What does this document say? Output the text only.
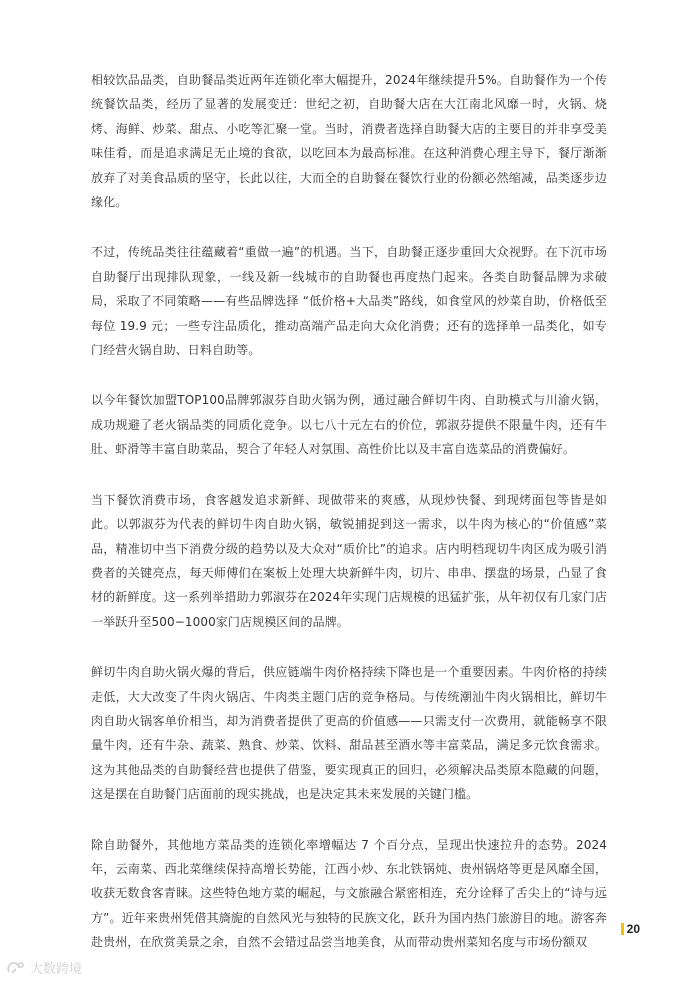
相较饮品品类，自助餐品类近两年连锁化率大幅提升，2024年继续提升5%。自助餐作为一个传统餐饮品类，经历了显著的发展变迁：世纪之初，自助餐大店在大江南北风靡一时，火锅、烧烤、海鲜、炒菜、甜点、小吃等汇聚一堂。当时，消费者选择自助餐大店的主要目的并非享受美味佳肴，而是追求满足无止境的食欲，以吃回本为最高标准。在这种消费心理主导下，餐厅渐渐放弃了对美食品质的坚守，长此以往，大而全的自助餐在餐饮行业的份额必然缩减，品类逐步边缘化。

不过，传统品类往往蕴藏着“重做一遍”的机遇。当下，自助餐正逐步重回大众视野。在下沉市场自助餐厅出现排队现象，一线及新一线城市的自助餐也再度热门起来。各类自助餐品牌为求破局，采取了不同策略——有些品牌选择 “低价格+大品类”路线，如食堂风的炒菜自助，价格低至每位 19.9 元；一些专注品质化，推动高端产品走向大众化消费；还有的选择单一品类化，如专门经营火锅自助、日料自助等。

以今年餐饮加盟TOP100品牌郭淑芬自助火锅为例，通过融合鲜切牛肉、自助模式与川渝火锅，成功规避了老火锅品类的同质化竞争。以七八十元左右的价位，郭淑芬提供不限量牛肉，还有牛肚、虾滑等丰富自助菜品，契合了年轻人对氛围、高性价比以及丰富自选菜品的消费偏好。

当下餐饮消费市场，食客越发追求新鲜、现做带来的爽感，从现炒快餐、到现烤面包等皆是如此。以郭淑芬为代表的鲜切牛肉自助火锅，敏锐捕捉到这一需求，以牛肉为核心的“价值感”菜品，精准切中当下消费分级的趋势以及大众对“质价比”的追求。店内明档现切牛肉区成为吸引消费者的关键亮点，每天师傅们在案板上处理大块新鲜牛肉，切片、串串、摆盘的场景，凸显了食材的新鲜度。这一系列举措助力郭淑芬在2024年实现门店规模的迅猛扩张，从年初仅有几家门店一举跃升至500−1000家门店规模区间的品牌。

鲜切牛肉自助火锅火爆的背后，供应链端牛肉价格持续下降也是一个重要因素。牛肉价格的持续走低，大大改变了牛肉火锅店、牛肉类主题门店的竞争格局。与传统潮汕牛肉火锅相比，鲜切牛肉自助火锅客单价相当，却为消费者提供了更高的价值感——只需支付一次费用，就能畅享不限量牛肉，还有牛杂、蔬菜、熟食、炒菜、饮料、甜品甚至酒水等丰富菜品，满足多元饮食需求。这为其他品类的自助餐经营也提供了借鉴，要实现真正的回归，必须解决品类原本隐藏的问题，这是摆在自助餐门店面前的现实挑战，也是决定其未来发展的关键门槛。

除自助餐外，其他地方菜品类的连锁化率增幅达 7 个百分点，呈现出快速拉升的态势。2024年，云南菜、西北菜继续保持高增长势能，江西小炒、东北铁锅炖、贵州锅烙等更是风靡全国，收获无数食客青睐。这些特色地方菜的崛起，与文旅融合紧密相连，充分诠释了舌尖上的“诗与远方”。近年来贵州凭借其旖旎的自然风光与独特的民族文化，跃升为国内热门旅游目的地。游客奔赴贵州，在欣赏美景之余，自然不会错过品尝当地美食，从而带动贵州菜知名度与市场份额双

20
大数跨境
